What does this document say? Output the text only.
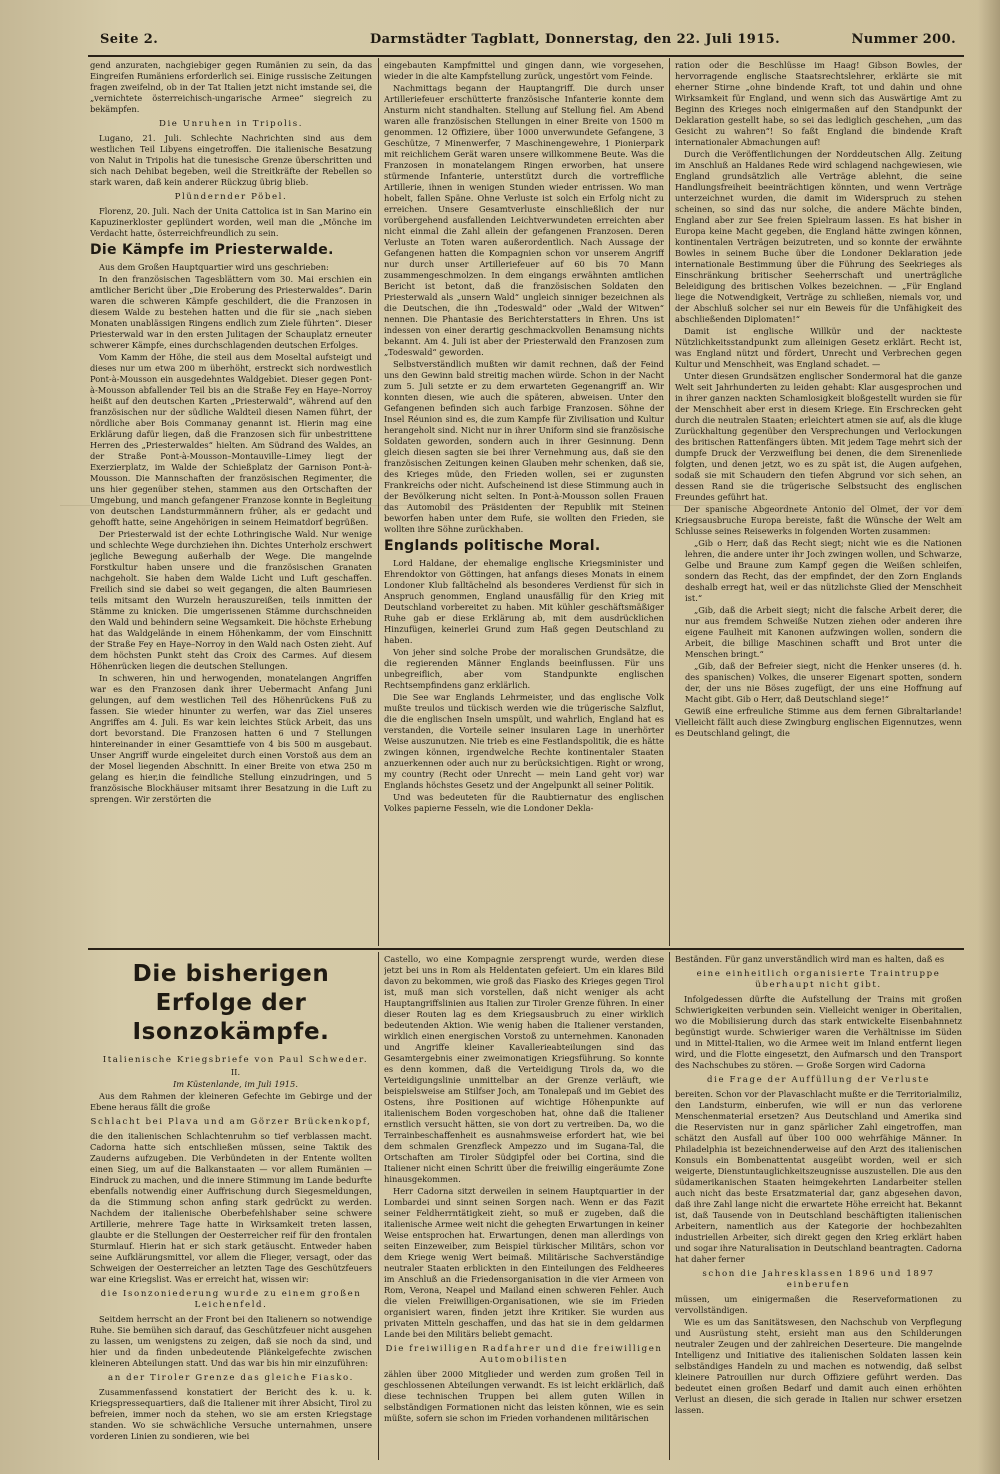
Seite 2.	Darmstädter Tagblatt, Donnerstag, den 22. Juli 1915.	Nummer 200.

gend anzuraten, nachgiebiger gegen Rumänien zu sein, da das Eingreifen Rumäniens erforderlich sei. Einige russische Zeitungen fragen zweifelnd, ob in der Tat Italien jetzt nicht imstande sei, die „vernichtete österreichisch-ungarische Armee“ siegreich zu bekämpfen.

Die Unruhen in Tripolis.

Lugano, 21. Juli. Schlechte Nachrichten sind aus dem westlichen Teil Libyens eingetroffen. Die italienische Besatzung von Nalut in Tripolis hat die tunesische Grenze überschritten und sich nach Dehibat begeben, weil die Streitkräfte der Rebellen so stark waren, daß kein anderer Rückzug übrig blieb.

Plündernder Pöbel.

Florenz, 20. Juli. Nach der Unita Cattolica ist in San Marino ein Kapuzinerkloster geplündert worden, weil man die „Mönche im Verdacht hatte, österreichfreundlich zu sein.

Die Kämpfe im Priesterwalde.

Aus dem Großen Hauptquartier wird uns geschrieben:

In den französischen Tagesblättern vom 30. Mai erschien ein amtlicher Bericht über „Die Eroberung des Priesterwaldes“. Darin waren die schweren Kämpfe geschildert, die die Franzosen in diesem Walde zu bestehen hatten und die für sie „nach sieben Monaten unablässigen Ringens endlich zum Ziele führten“. Dieser Priesterwald war in den ersten Julitagen der Schauplatz erneuter schwerer Kämpfe, eines durchschlagenden deutschen Erfolges.

Vom Kamm der Höhe, die steil aus dem Moseltal aufsteigt und dieses nur um etwa 200 m überhöht, erstreckt sich nordwestlich Pont-à-Mousson ein ausgedehntes Waldgebiet. Dieser gegen Pont-à-Mousson abfallender Teil bis an die Straße Fey en Haye–Norroy heißt auf den deutschen Karten „Priesterwald“, während auf den französischen nur der südliche Waldteil diesen Namen führt, der nördliche aber Bois Commanay genannt ist. Hierin mag eine Erklärung dafür liegen, daß die Franzosen sich für unbestrittene Herren des „Priesterwaldes“ hielten. Am Südrand des Waldes, an der Straße Pont-à-Mousson–Montauville–Limey liegt der Exerzierplatz, im Walde der Schießplatz der Garnison Pont-à-Mousson. Die Mannschaften der französischen Regimenter, die uns hier gegenüber stehen, stammen aus den Ortschaften der Umgebung, und manch gefangener Franzose konnte in Begleitung von deutschen Landsturmmännern früher, als er gedacht und gehofft hatte, seine Angehörigen in seinem Heimatdorf begrüßen.

Der Priesterwald ist der echte Lothringische Wald. Nur wenige und schlechte Wege durchziehen ihn. Dichtes Unterholz erschwert jegliche Bewegung außerhalb der Wege. Die mangelnde Forstkultur haben unsere und die französischen Granaten nachgeholt. Sie haben dem Walde Licht und Luft geschaffen. Freilich sind sie dabei so weit gegangen, die alten Baumriesen teils mitsamt den Wurzeln herauszureißen, teils inmitten der Stämme zu knicken. Die umgerissenen Stämme durchschneiden den Wald und behindern seine Wegsamkeit. Die höchste Erhebung hat das Waldgelände in einem Höhenkamm, der vom Einschnitt der Straße Fey en Haye–Norroy in den Wald nach Osten zieht. Auf dem höchsten Punkt steht das Croix des Carmes. Auf diesem Höhenrücken liegen die deutschen Stellungen.

In schweren, hin und herwogenden, monatelangen Angriffen war es den Franzosen dank ihrer Uebermacht Anfang Juni gelungen, auf dem westlichen Teil des Höhenrückens Fuß zu fassen. Sie wieder hinunter zu werfen, war das Ziel unseres Angriffes am 4. Juli. Es war kein leichtes Stück Arbeit, das uns dort bevorstand. Die Franzosen hatten 6 und 7 Stellungen hintereinander in einer Gesamttiefe von 4 bis 500 m ausgebaut. Unser Angriff wurde eingeleitet durch einen Vorstoß aus dem an der Mosel liegenden Abschnitt. In einer Breite von etwa 250 m gelang es hier,in die feindliche Stellung einzudringen, und 5 französische Blockhäuser mitsamt ihrer Besatzung in die Luft zu sprengen. Wir zerstörten die

eingebauten Kampfmittel und gingen dann, wie vorgesehen, wieder in die alte Kampfstellung zurück, ungestört vom Feinde.

Nachmittags begann der Hauptangriff. Die durch unser Artilleriefeuer erschütterte französische Infanterie konnte dem Ansturm nicht standhalten. Stellung auf Stellung fiel. Am Abend waren alle französischen Stellungen in einer Breite von 1500 m genommen. 12 Offiziere, über 1000 unverwundete Gefangene, 3 Geschütze, 7 Minenwerfer, 7 Maschinengewehre, 1 Pionierpark mit reichlichem Gerät waren unsere willkommene Beute. Was die Franzosen in monatelangem Ringen erworben, hat unsere stürmende Infanterie, unterstützt durch die vortreffliche Artillerie, ihnen in wenigen Stunden wieder entrissen. Wo man hobelt, fallen Späne. Ohne Verluste ist solch ein Erfolg nicht zu erreichen. Unsere Gesamtverluste einschließlich der nur vorübergehend ausfallenden Leichtverwundeten erreichten aber nicht einmal die Zahl allein der gefangenen Franzosen. Deren Verluste an Toten waren außerordentlich. Nach Aussage der Gefangenen hatten die Kompagnien schon vor unserem Angriff nur durch unser Artilleriefeuer auf 60 bis 70 Mann zusammengeschmolzen. In dem eingangs erwähnten amtlichen Bericht ist betont, daß die französischen Soldaten den Priesterwald als „unsern Wald“ ungleich sinniger bezeichnen als die Deutschen, die ihn „Todeswald“ oder „Wald der Witwen“ nennen. Die Phantasie des Berichterstatters in Ehren. Uns ist indessen von einer derartig geschmackvollen Benamsung nichts bekannt. Am 4. Juli ist aber der Priesterwald den Franzosen zum „Todeswald“ geworden.

Selbstverständlich mußten wir damit rechnen, daß der Feind uns den Gewinn bald streitig machen würde. Schon in der Nacht zum 5. Juli setzte er zu dem erwarteten Gegenangriff an. Wir konnten diesen, wie auch die späteren, abweisen. Unter den Gefangenen befinden sich auch farbige Franzosen. Söhne der Insel Réunion sind es, die zum Kampfe für Zivilisation und Kultur herangeholt sind. Nicht nur in ihrer Uniform sind sie französische Soldaten geworden, sondern auch in ihrer Gesinnung. Denn gleich diesen sagten sie bei ihrer Vernehmung aus, daß sie den französischen Zeitungen keinen Glauben mehr schenken, daß sie, des Krieges müde, den Frieden wollen, sei er zugunsten Frankreichs oder nicht. Aufscheinend ist diese Stimmung auch in der Bevölkerung nicht selten. In Pont-à-Mousson sollen Frauen das Automobil des Präsidenten der Republik mit Steinen beworfen haben unter dem Rufe, sie wollten den Frieden, sie wollten ihre Söhne zurückhaben.

Englands politische Moral.

Lord Haldane, der ehemalige englische Kriegsminister und Ehrendoktor von Göttingen, hat anfangs dieses Monats in einem Londoner Klub falltächelnd als besonderes Verdienst für sich in Anspruch genommen, England unausfällig für den Krieg mit Deutschland vorbereitet zu haben. Mit kühler geschäftsmäßiger Ruhe gab er diese Erklärung ab, mit dem ausdrücklichen Hinzufügen, keinerlei Grund zum Haß gegen Deutschland zu haben.

Von jeher sind solche Probe der moralischen Grundsätze, die die regierenden Männer Englands beeinflussen. Für uns unbegreiflich, aber vom Standpunkte englischen Rechtsempfindens ganz erklärlich.

Die See war Englands Lehrmeister, und das englische Volk mußte treulos und tückisch werden wie die trügerische Salzflut, die die englischen Inseln umspült, und wahrlich, England hat es verstanden, die Vorteile seiner insularen Lage in unerhörter Weise auszunutzen. Nie trieb es eine Festlandspolitik, die es hätte zwingen können, irgendwelche Rechte kontinentaler Staaten anzuerkennen oder auch nur zu berücksichtigen. Right or wrong, my country (Recht oder Unrecht — mein Land geht vor) war Englands höchstes Gesetz und der Angelpunkt all seiner Politik.

Und was bedeuteten für die Raubtiernatur des englischen Volkes papierne Fesseln, wie die Londoner Dekla-

ration oder die Beschlüsse im Haag! Gibson Bowles, der hervorragende englische Staatsrechtslehrer, erklärte sie mit eherner Stirne „ohne bindende Kraft, tot und dahin und ohne Wirksamkeit für England, und wenn sich das Auswärtige Amt zu Beginn des Krieges noch einigermaßen auf den Standpunkt der Deklaration gestellt habe, so sei das lediglich geschehen, „um das Gesicht zu wahren“! So faßt England die bindende Kraft internationaler Abmachungen auf!

Durch die Veröffentlichungen der Norddeutschen Allg. Zeitung im Anschluß an Haldanes Rede wird schlagend nachgewiesen, wie England grundsätzlich alle Verträge ablehnt, die seine Handlungsfreiheit beeinträchtigen könnten, und wenn Verträge unterzeichnet wurden, die damit im Widerspruch zu stehen scheinen, so sind das nur solche, die andere Mächte binden, England aber zur See freien Spielraum lassen. Es hat bisher in Europa keine Macht gegeben, die England hätte zwingen können, kontinentalen Verträgen beizutreten, und so konnte der erwähnte Bowles in seinem Buche über die Londoner Deklaration jede internationale Bestimmung über die Führung des Seekrieges als Einschränkung britischer Seeherrschaft und unerträgliche Beleidigung des britischen Volkes bezeichnen. — „Für England liege die Notwendigkeit, Verträge zu schließen, niemals vor, und der Abschluß solcher sei nur ein Beweis für die Unfähigkeit des abschließenden Diplomaten!“

Damit ist englische Willkür und der nackteste Nützlichkeitsstandpunkt zum alleinigen Gesetz erklärt. Recht ist, was England nützt und fördert, Unrecht und Verbrechen gegen Kultur und Menschheit, was England schadet. —

Unter diesen Grundsätzen englischer Sondermoral hat die ganze Welt seit Jahrhunderten zu leiden gehabt: Klar ausgesprochen und in ihrer ganzen nackten Schamlosigkeit bloßgestellt wurden sie für der Menschheit aber erst in diesem Kriege. Ein Erschrecken geht durch die neutralen Staaten; erleichtert atmen sie auf, als die kluge Zurückhaltung gegenüber den Versprechungen und Verlockungen des britischen Rattenfängers übten. Mit jedem Tage mehrt sich der dumpfe Druck der Verzweiflung bei denen, die dem Sirenenliede folgten, und denen jetzt, wo es zu spät ist, die Augen aufgehen, sodaß sie mit Schaudern den tiefen Abgrund vor sich sehen, an dessen Rand sie die trügerische Selbstsucht des englischen Freundes geführt hat.

Der spanische Abgeordnete Antonio del Olmet, der vor dem Kriegsausbruche Europa bereiste, faßt die Wünsche der Welt am Schlusse seines Reisewerks in folgenden Worten zusammen:

„Gib o Herr, daß das Recht siegt; nicht wie es die Nationen lehren, die andere unter ihr Joch zwingen wollen, und Schwarze, Gelbe und Braune zum Kampf gegen die Weißen schleifen, sondern das Recht, das der empfindet, der den Zorn Englands deshalb erregt hat, weil er das nützlichste Glied der Menschheit ist.“

„Gib, daß die Arbeit siegt; nicht die falsche Arbeit derer, die nur aus fremdem Schweiße Nutzen ziehen oder anderen ihre eigene Faulheit mit Kanonen aufzwingen wollen, sondern die Arbeit, die billige Maschinen schafft und Brot unter die Menschen bringt.“

„Gib, daß der Befreier siegt, nicht die Henker unseres (d. h. des spanischen) Volkes, die unserer Eigenart spotten, sondern der, der uns nie Böses zugefügt, der uns eine Hoffnung auf Macht gibt. Gib o Herr, daß Deutschland siege!“

Gewiß eine erfreuliche Stimme aus dem fernen Gibraltarlande! Vielleicht fällt auch diese Zwingburg englischen Eigennutzes, wenn es Deutschland gelingt, die

Die bisherigen Erfolge der Isonzokämpfe.

Italienische Kriegsbriefe von Paul Schweder.

II.

Im Küstenlande, im Juli 1915.

Aus dem Rahmen der kleineren Gefechte im Gebirge und der Ebene heraus fällt die große

Schlacht bei Plava und am Görzer Brückenkopf,

die den italienischen Schlachtenruhm so tief verblassen macht. Cadorna hatte sich entschließen müssen, seine Taktik des Zauderns aufzugeben. Die Verbündeten in der Entente wollten einen Sieg, um auf die Balkanstaaten — vor allem Rumänien — Eindruck zu machen, und die innere Stimmung im Lande bedurfte ebenfalls notwendig einer Auffrischung durch Siegesmeldungen, da die Stimmung schon anfing stark gedrückt zu werden. Nachdem der italienische Oberbefehlshaber seine schwere Artillerie, mehrere Tage hatte in Wirksamkeit treten lassen, glaubte er die Stellungen der Oesterreicher reif für den frontalen Sturmlauf. Hierin hat er sich stark getäuscht. Entweder haben seine Aufklärungsmittel, vor allem die Flieger, versagt, oder das Schweigen der Oesterreicher an letzten Tage des Geschützfeuers war eine Kriegslist. Was er erreicht hat, wissen wir:

die Isonzoniederung wurde zu einem großen Leichenfeld.

Seitdem herrscht an der Front bei den Italienern so notwendige Ruhe. Sie bemühen sich darauf, das Geschützfeuer nicht ausgehen zu lassen, um wenigstens zu zeigen, daß sie noch da sind, und hier und da finden unbedeutende Plänkelgefechte zwischen kleineren Abteilungen statt. Und das war bis hin mir einzuführen:

an der Tiroler Grenze das gleiche Fiasko.

Zusammenfassend konstatiert der Bericht des k. u. k. Kriegspressequartiers, daß die Italiener mit ihrer Absicht, Tirol zu befreien, immer noch da stehen, wo sie am ersten Kriegstage standen. Wo sie schwächliche Versuche unternahmen, unsere vorderen Linien zu sondieren, wie bei

Castello, wo eine Kompagnie zersprengt wurde, werden diese jetzt bei uns in Rom als Heldentaten gefeiert. Um ein klares Bild davon zu bekommen, wie groß das Fiasko des Krieges gegen Tirol ist, muß man sich vorstellen, daß nicht weniger als acht Hauptangriffslinien aus Italien zur Tiroler Grenze führen. In einer dieser Routen lag es dem Kriegsausbruch zu einer wirklich bedeutenden Aktion. Wie wenig haben die Italiener verstanden, wirklich einen energischen Vorstoß zu unternehmen. Kanonaden und Angriffe kleiner Kavallerieabteilungen sind das Gesamtergebnis einer zweimonatigen Kriegsführung. So konnte es denn kommen, daß die Verteidigung Tirols da, wo die Verteidigungslinie unmittelbar an der Grenze verläuft, wie beispielsweise am Stilfser Joch, am Tonalepaß und im Gebiet des Ostens, ihre Positionen auf wichtige Höhenpunkte auf italienischem Boden vorgeschoben hat, ohne daß die Italiener ernstlich versucht hätten, sie von dort zu vertreiben. Da, wo die Terrainbeschaffenheit es ausnahmsweise erfordert hat, wie bei dem schmalen Grenzfleck Ampezzo und im Sugana-Tal, die Ortschaften am Tiroler Südgipfel oder bei Cortina, sind die Italiener nicht einen Schritt über die freiwillig eingeräumte Zone hinausgekommen.

Herr Cadorna sitzt derweilen in seinem Hauptquartier in der Lombardei und sinnt seinen Sorgen nach. Wenn er das Fazit seiner Feldherrntätigkeit zieht, so muß er zugeben, daß die italienische Armee weit nicht die gehegten Erwartungen in keiner Weise entsprochen hat. Erwartungen, denen man allerdings von seiten Einzeweiber, zum Beispiel türkischer Militärs, schon vor dem Kriege wenig Wert beimaß. Militärische Sachverständige neutraler Staaten erblickten in den Einteilungen des Feldheeres im Anschluß an die Friedensorganisation in die vier Armeen von Rom, Verona, Neapel und Mailand einen schweren Fehler. Auch die vielen Freiwilligen-Organisationen, wie sie im Frieden organisiert waren, finden jetzt ihre Kritiker. Sie wurden aus privaten Mitteln geschaffen, und das hat sie in dem geldarmen Lande bei den Militärs beliebt gemacht.

Die freiwilligen Radfahrer und die freiwilligen Automobilisten

zählen über 2000 Mitglieder und werden zum großen Teil in geschlossenen Abteilungen verwandt. Es ist leicht erklärlich, daß diese technischen Truppen bei allem guten Willen in selbständigen Formationen nicht das leisten können, wie es sein müßte, sofern sie schon im Frieden vorhandenen militärischen

Beständen. Für ganz unverständlich wird man es halten, daß es

eine einheitlich organisierte Traintruppe überhaupt nicht gibt.

Infolgedessen dürfte die Aufstellung der Trains mit großen Schwierigkeiten verbunden sein. Vielleicht weniger in Oberitalien, wo die Mobilisierung durch das stark entwickelte Eisenbahnnetz begünstigt wurde. Schwieriger waren die Verhältnisse im Süden und in Mittel-Italien, wo die Armee weit im Inland entfernt liegen wird, und die Flotte eingesetzt, den Aufmarsch und den Transport des Nachschubes zu stören. — Große Sorgen wird Cadorna

die Frage der Auffüllung der Verluste

bereiten. Schon vor der Plavaschlacht mußte er die Territorialmiliz, den Landsturm, einberufen, wie will er nun das verlorene Menschenmaterial ersetzen? Aus Deutschland und Amerika sind die Reservisten nur in ganz spärlicher Zahl eingetroffen, man schätzt den Ausfall auf über 100 000 wehrfähige Männer. In Philadelphia ist bezeichnenderweise auf den Arzt des italienischen Konsuls ein Bombenattentat ausgeübt worden, weil er sich weigerte, Dienstuntauglichkeitszeugnisse auszustellen. Die aus den südamerikanischen Staaten heimgekehrten Landarbeiter stellen auch nicht das beste Ersatzmaterial dar, ganz abgesehen davon, daß ihre Zahl lange nicht die erwartete Höhe erreicht hat. Bekannt ist, daß Tausende von in Deutschland beschäftigten italienischen Arbeitern, namentlich aus der Kategorie der hochbezahlten industriellen Arbeiter, sich direkt gegen den Krieg erklärt haben und sogar ihre Naturalisation in Deutschland beantragten. Cadorna hat daher ferner

schon die Jahresklassen 1896 und 1897 einberufen

müssen, um einigermaßen die Reserveformationen zu vervollständigen.

Wie es um das Sanitätswesen, den Nachschub von Verpflegung und Ausrüstung steht, ersieht man aus den Schilderungen neutraler Zeugen und der zahlreichen Deserteure. Die mangelnde Intelligenz und Initiative des italienischen Soldaten lassen kein selbständiges Handeln zu und machen es notwendig, daß selbst kleinere Patrouillen nur durch Offiziere geführt werden. Das bedeutet einen großen Bedarf und damit auch einen erhöhten Verlust an diesen, die sich gerade in Italien nur schwer ersetzen lassen.
